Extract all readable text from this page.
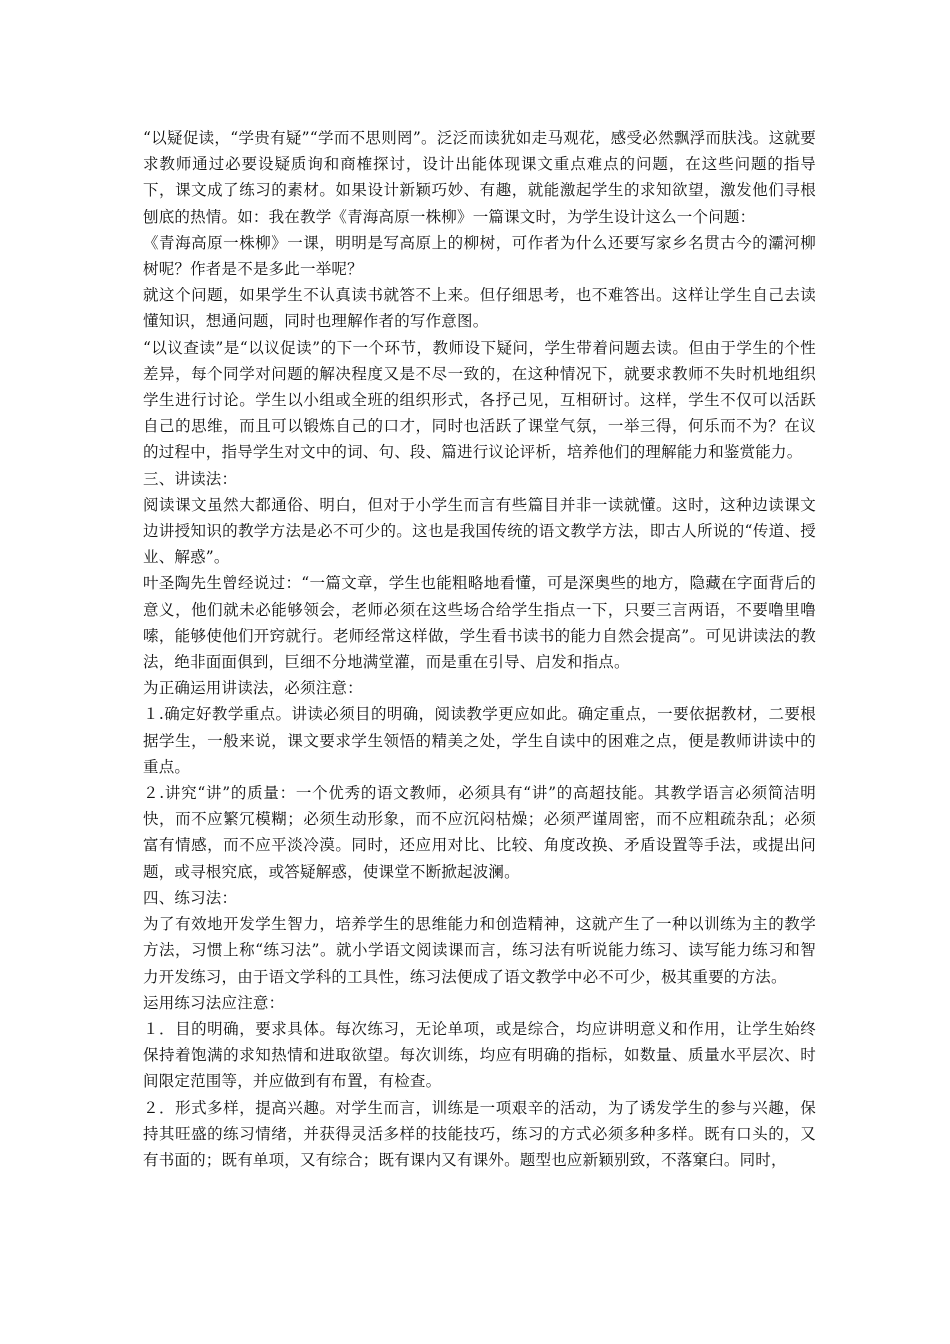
“以疑促读，“学贵有疑”“学而不思则罔”。泛泛而读犹如走马观花，感受必然飘浮而肤浅。这就要求教师通过必要设疑质询和商榷探讨，设计出能体现课文重点难点的问题，在这些问题的指导下，课文成了练习的素材。如果设计新颖巧妙、有趣，就能激起学生的求知欲望，激发他们寻根刨底的热情。如：我在教学《青海高原一株柳》一篇课文时，为学生设计这么一个问题：

《青海高原一株柳》一课，明明是写高原上的柳树，可作者为什么还要写家乡名贯古今的灞河柳树呢？作者是不是多此一举呢？

就这个问题，如果学生不认真读书就答不上来。但仔细思考，也不难答出。这样让学生自己去读懂知识，想通问题，同时也理解作者的写作意图。

“以议查读”是“以议促读”的下一个环节，教师设下疑问，学生带着问题去读。但由于学生的个性差异，每个同学对问题的解决程度又是不尽一致的，在这种情况下，就要求教师不失时机地组织学生进行讨论。学生以小组或全班的组织形式，各抒己见，互相研讨。这样，学生不仅可以活跃自己的思维，而且可以锻炼自己的口才，同时也活跃了课堂气氛，一举三得，何乐而不为？在议的过程中，指导学生对文中的词、句、段、篇进行议论评析，培养他们的理解能力和鉴赏能力。

三、讲读法：

阅读课文虽然大都通俗、明白，但对于小学生而言有些篇目并非一读就懂。这时，这种边读课文边讲授知识的教学方法是必不可少的。这也是我国传统的语文教学方法，即古人所说的“传道、授业、解惑”。

叶圣陶先生曾经说过：“一篇文章，学生也能粗略地看懂，可是深奥些的地方，隐藏在字面背后的意义，他们就未必能够领会，老师必须在这些场合给学生指点一下，只要三言两语，不要噜里噜嗦，能够使他们开窍就行。老师经常这样做，学生看书读书的能力自然会提高”。可见讲读法的教法，绝非面面俱到，巨细不分地满堂灌，而是重在引导、启发和指点。

为正确运用讲读法，必须注意：

１.确定好教学重点。讲读必须目的明确，阅读教学更应如此。确定重点，一要依据教材，二要根据学生，一般来说，课文要求学生领悟的精美之处，学生自读中的困难之点，便是教师讲读中的重点。

２.讲究“讲”的质量：一个优秀的语文教师，必须具有“讲”的高超技能。其教学语言必须简洁明快，而不应繁冗模糊；必须生动形象，而不应沉闷枯燥；必须严谨周密，而不应粗疏杂乱；必须富有情感，而不应平淡冷漠。同时，还应用对比、比较、角度改换、矛盾设置等手法，或提出问题，或寻根究底，或答疑解惑，使课堂不断掀起波澜。

四、练习法：

为了有效地开发学生智力，培养学生的思维能力和创造精神，这就产生了一种以训练为主的教学方法，习惯上称“练习法”。就小学语文阅读课而言，练习法有听说能力练习、读写能力练习和智力开发练习，由于语文学科的工具性，练习法便成了语文教学中必不可少，极其重要的方法。

运用练习法应注意：

１．目的明确，要求具体。每次练习，无论单项，或是综合，均应讲明意义和作用，让学生始终保持着饱满的求知热情和进取欲望。每次训练，均应有明确的指标，如数量、质量水平层次、时间限定范围等，并应做到有布置，有检查。

２．形式多样，提高兴趣。对学生而言，训练是一项艰辛的活动，为了诱发学生的参与兴趣，保持其旺盛的练习情绪，并获得灵活多样的技能技巧，练习的方式必须多种多样。既有口头的，又有书面的；既有单项，又有综合；既有课内又有课外。题型也应新颖别致，不落窠臼。同时，
